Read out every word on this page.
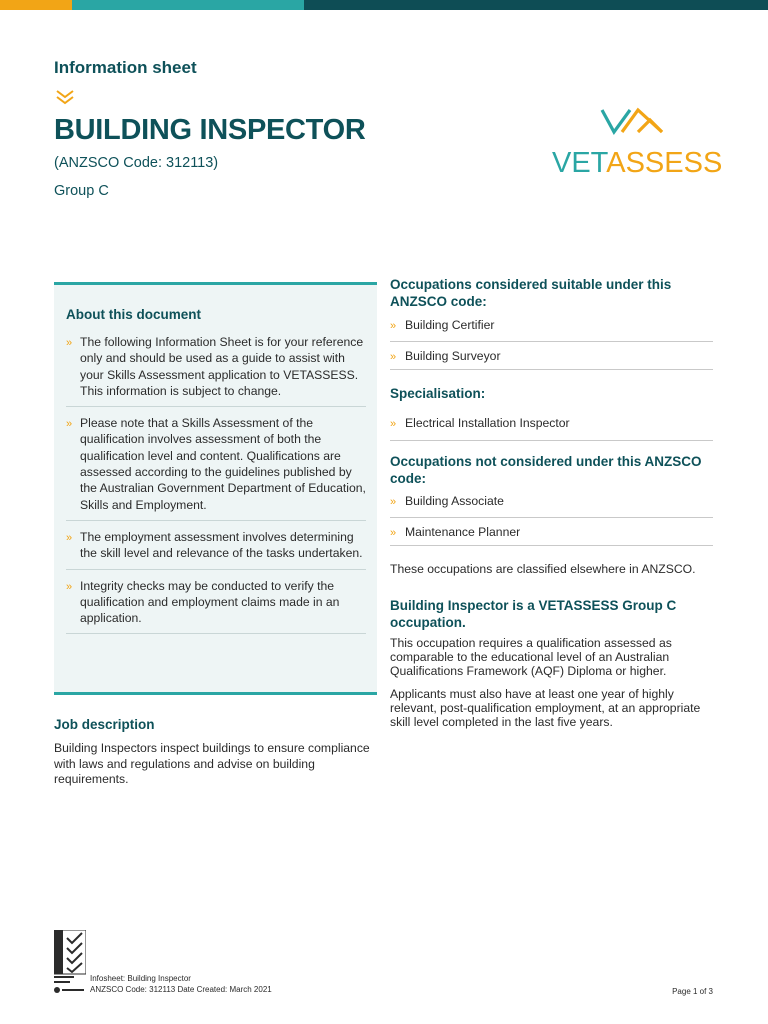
Information sheet
BUILDING INSPECTOR
(ANZSCO Code: 312113)
Group C
VETASSESS
About this document
» The following Information Sheet is for your reference only and should be used as a guide to assist with your Skills Assessment application to VETASSESS. This information is subject to change.
» Please note that a Skills Assessment of the qualification involves assessment of both the qualification level and content. Qualifications are assessed according to the guidelines published by the Australian Government Department of Education, Skills and Employment.
» The employment assessment involves determining the skill level and relevance of the tasks undertaken.
» Integrity checks may be conducted to verify the qualification and employment claims made in an application.
Job description
Building Inspectors inspect buildings to ensure compliance with laws and regulations and advise on building requirements.
Occupations considered suitable under this ANZSCO code:
» Building Certifier
» Building Surveyor
Specialisation:
» Electrical Installation Inspector
Occupations not considered under this ANZSCO code:
» Building Associate
» Maintenance Planner
These occupations are classified elsewhere in ANZSCO.
Building Inspector is a VETASSESS Group C occupation.
This occupation requires a qualification assessed as comparable to the educational level of an Australian Qualifications Framework (AQF) Diploma or higher.
Applicants must also have at least one year of highly relevant, post-qualification employment, at an appropriate skill level completed in the last five years.
Infosheet: Building Inspector
ANZSCO Code: 312113 Date Created: March 2021	Page 1 of 3
